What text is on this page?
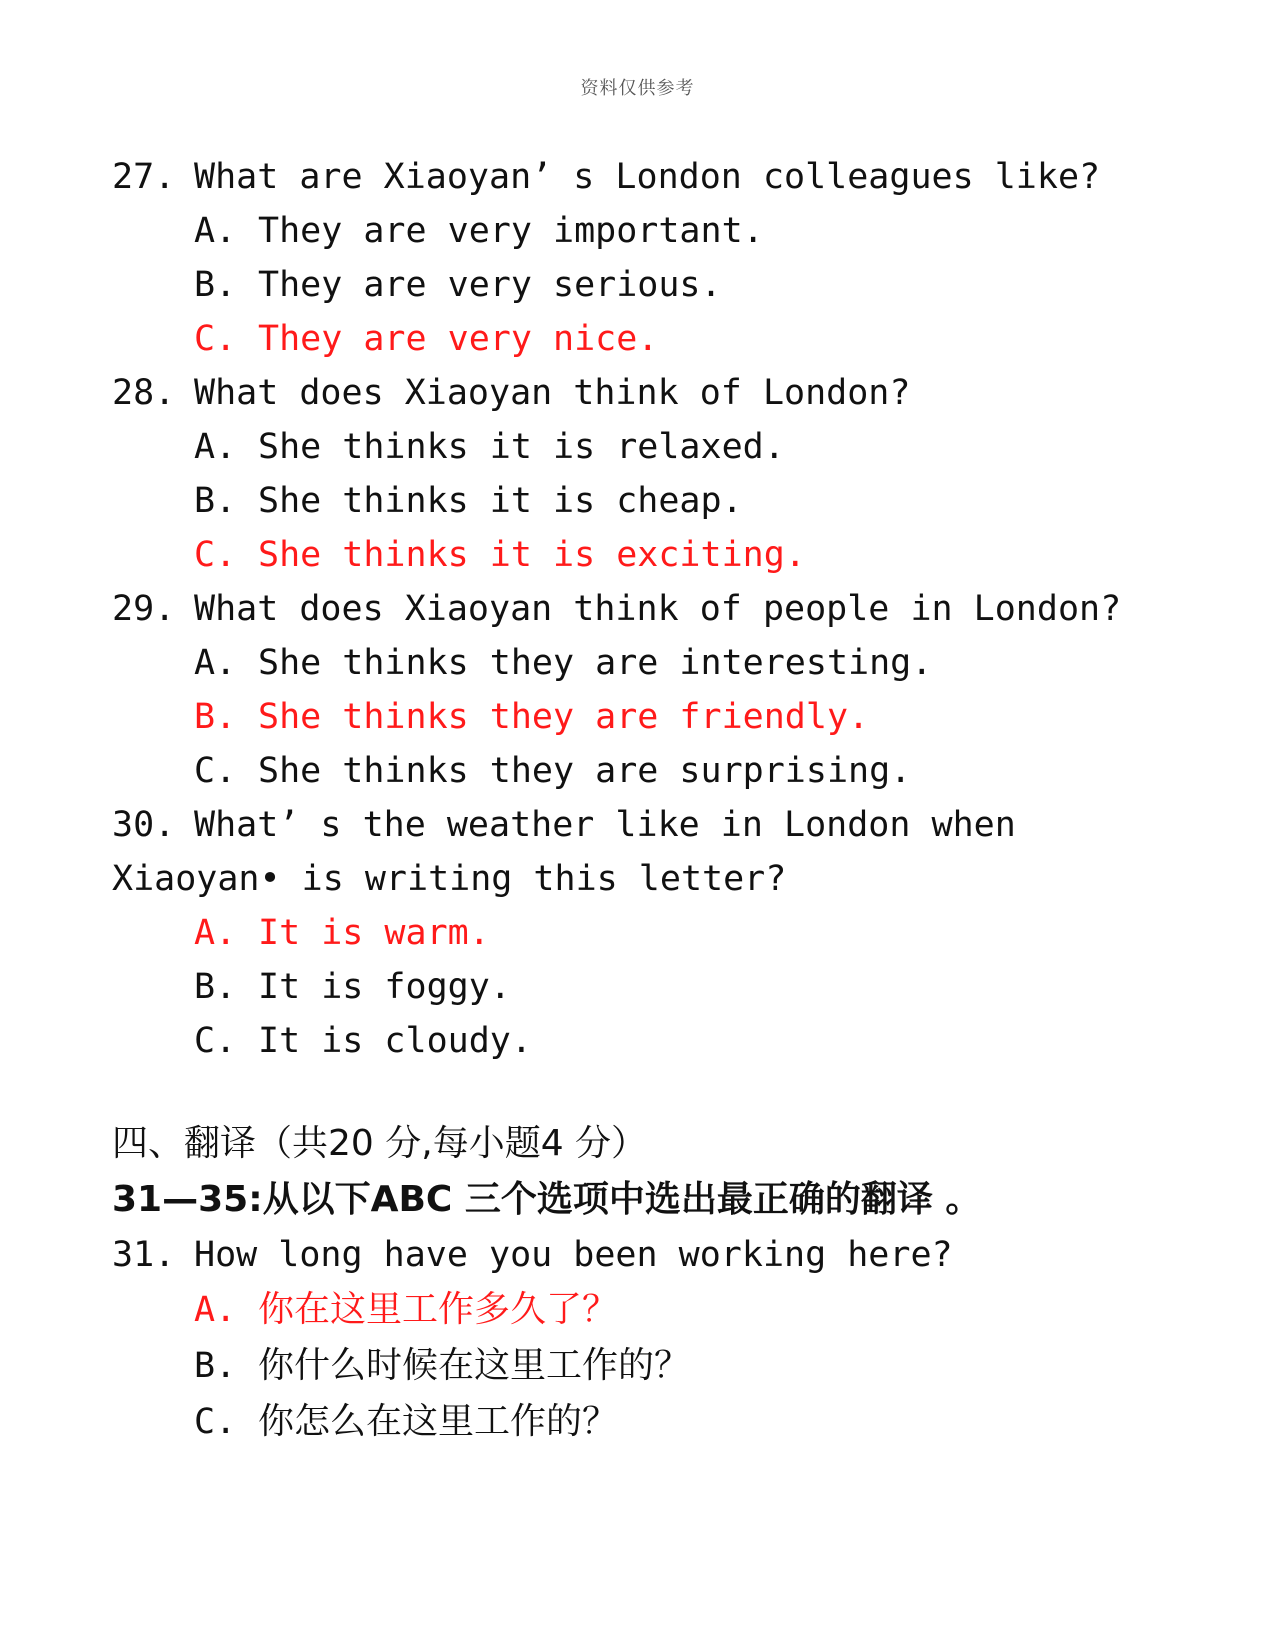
资料仅供参考
27. What are Xiaoyan’ s London colleagues like?
A. They are very important.
B. They are very serious.
C. They are very nice.
28. What does Xiaoyan think of London?
A. She thinks it is relaxed.
B. She thinks it is cheap.
C. She thinks it is exciting.
29. What does Xiaoyan think of people in London?
A. She thinks they are interesting.
B. She thinks they are friendly.
C. She thinks they are surprising.
30. What’ s the weather like in London when
Xiaoyan• is writing this letter?
A. It is warm.
B. It is foggy.
C. It is cloudy.
四、翻译（共20 分,每小题4 分）
31—35:从以下ABC 三个选项中选出最正确的翻译 。
31. How long have you been working here?
A. 你在这里工作多久了？
B. 你什么时候在这里工作的？
C. 你怎么在这里工作的？
